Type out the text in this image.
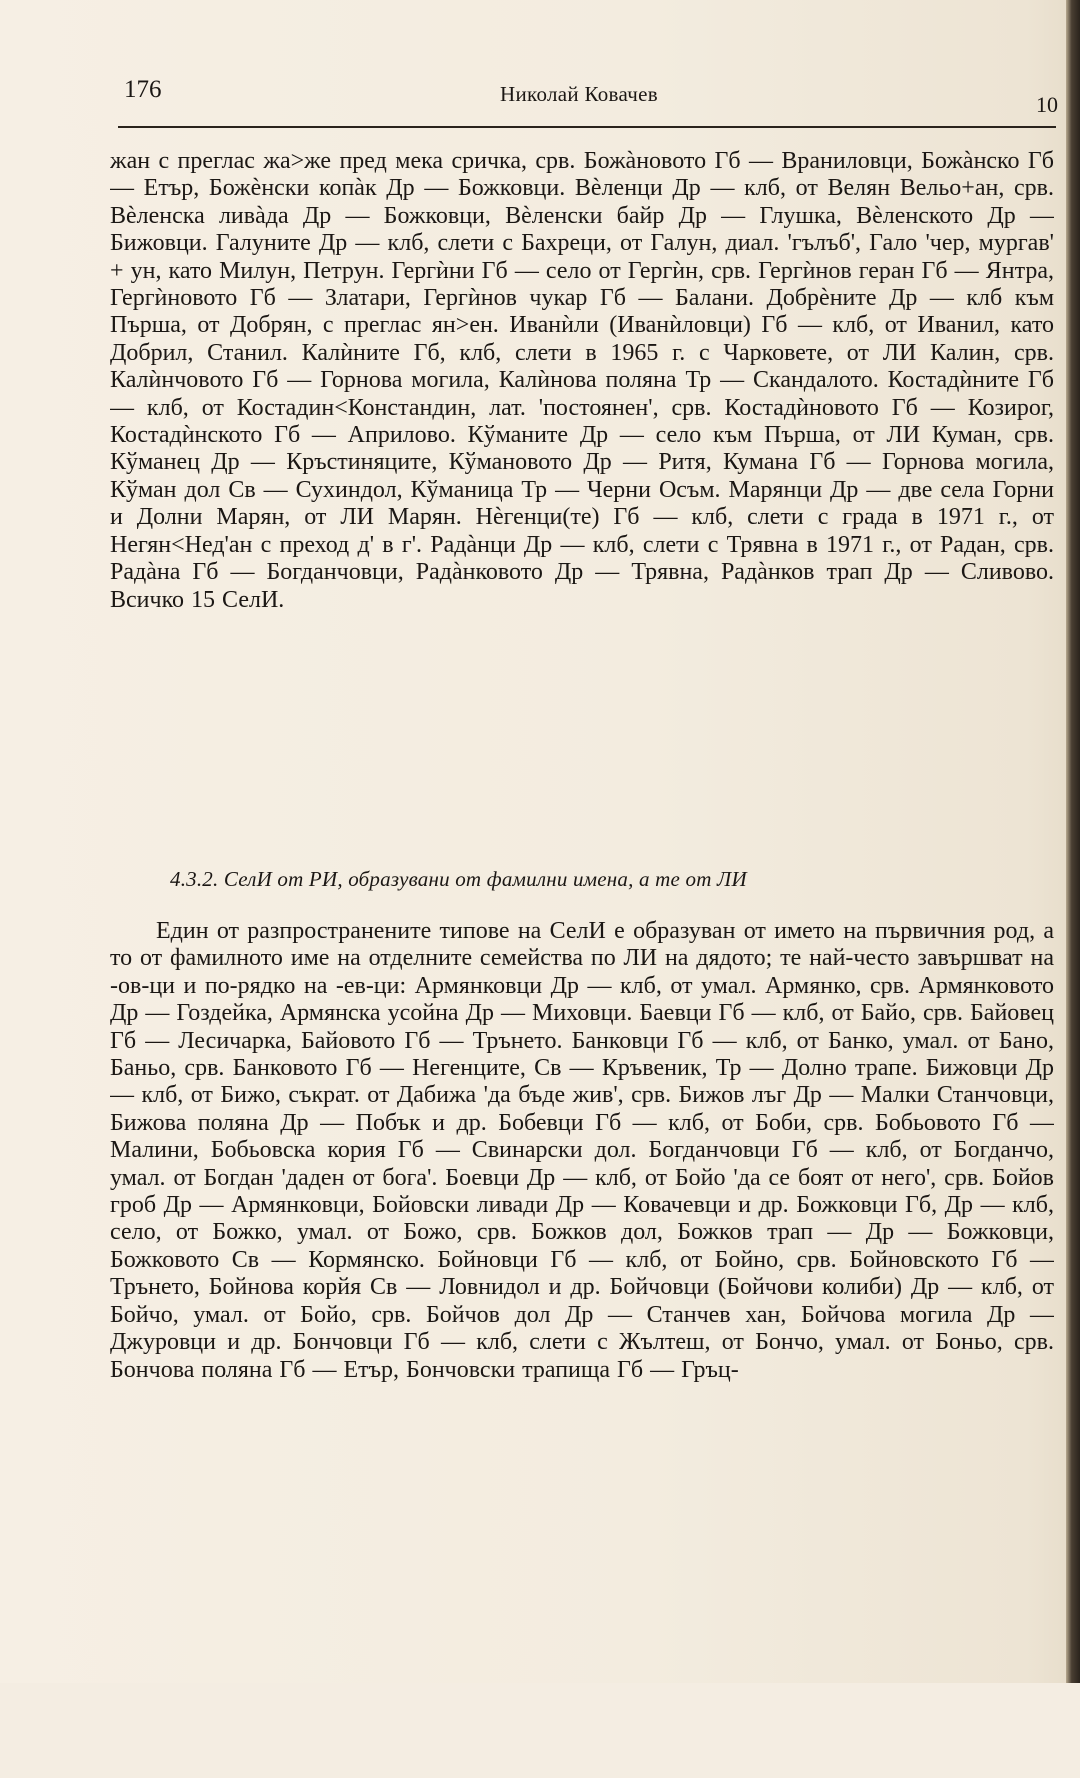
176	Николай Ковачев	10

жан с преглас жа>же пред мека сричка, срв. Божàновото Гб — Враниловци, Божàнско Гб — Етър, Божèнски копàк Др — Божковци. Вѐленци Др — клб, от Велян Вельо+ан, срв. Вѐленска ливàда Др — Божковци, Вѐленски байр Др — Глушка, Вѐленското Др — Бижовци. Галуните Др — клб, слети с Бахреци, от Галун, диал. 'гълъб', Гало 'чер, мургав' + ун, като Милун, Петрун. Гергѝни Гб — село от Гергѝн, срв. Гергѝнов геран Гб — Янтра, Гергѝновото Гб — Златари, Гергѝнов чукар Гб — Балани. Добрѐните Др — клб към Пърша, от Добрян, с преглас ян>ен. Иванѝли (Иванѝловци) Гб — клб, от Иванил, като Добрил, Станил. Калѝните Гб, клб, слети в 1965 г. с Чарковете, от ЛИ Калин, срв. Калѝнчовото Гб — Горнова могила, Калѝнова поляна Тр — Скандалото. Костадѝните Гб — клб, от Костадин<Констандин, лат. 'постоянен', срв. Костадѝновото Гб — Козирог, Костадѝнското Гб — Априлово. Кўманите Др — село към Пърша, от ЛИ Куман, срв. Кўманец Др — Кръстиняците, Кўмановото Др — Ритя, Кумана Гб — Горнова могила, Кўман дол Св — Сухиндол, Кўманица Тр — Черни Осъм. Марянци Др — две села Горни и Долни Марян, от ЛИ Марян. Нѐгенци(те) Гб — клб, слети с града в 1971 г., от Негян<Нед'ан с преход д' в г'. Радàнци Др — клб, слети с Трявна в 1971 г., от Радан, срв. Радàна Гб — Богданчовци, Радàнковото Др — Трявна, Радàнков трап Др — Сливово. Всичко 15 СелИ.

4.3.2. СелИ от РИ, образувани от фамилни имена, а те от ЛИ

Един от разпространените типове на СелИ е образуван от името на първичния род, а то от фамилното име на отделните семейства по ЛИ на дядото; те най-често завършват на -ов-ци и по-рядко на -ев-ци: Армянковци Др — клб, от умал. Армянко, срв. Армянковото Др — Гоздейка, Армянска усойна Др — Миховци. Баевци Гб — клб, от Байо, срв. Байовец Гб — Лесичарка, Байовото Гб — Трънето. Банковци Гб — клб, от Банко, умал. от Бано, Баньо, срв. Банковото Гб — Негенците, Св — Кръвеник, Тр — Долно трапе. Бижовци Др — клб, от Бижо, съкрат. от Дабижа 'да бъде жив', срв. Бижов лъг Др — Малки Станчовци, Бижова поляна Др — Побък и др. Бобевци Гб — клб, от Боби, срв. Бобьовото Гб — Малини, Бобьовска кория Гб — Свинарски дол. Богданчовци Гб — клб, от Богданчо, умал. от Богдан 'даден от бога'. Боевци Др — клб, от Бойо 'да се боят от него', срв. Бойов гроб Др — Армянковци, Бойовски ливади Др — Ковачевци и др. Божковци Гб, Др — клб, село, от Божко, умал. от Божо, срв. Божков дол, Божков трап — Др — Божковци, Божковото Св — Кормянско. Бойновци Гб — клб, от Бойно, срв. Бойновското Гб — Трънето, Бойнова корйя Св — Ловнидол и др. Бойчовци (Бойчови колиби) Др — клб, от Бойчо, умал. от Бойо, срв. Бойчов дол Др — Станчев хан, Бойчова могила Др — Джуровци и др. Бончовци Гб — клб, слети с Жълтеш, от Бончо, умал. от Боньо, срв. Бончова поляна Гб — Етър, Бончовски трапища Гб — Гръц-
